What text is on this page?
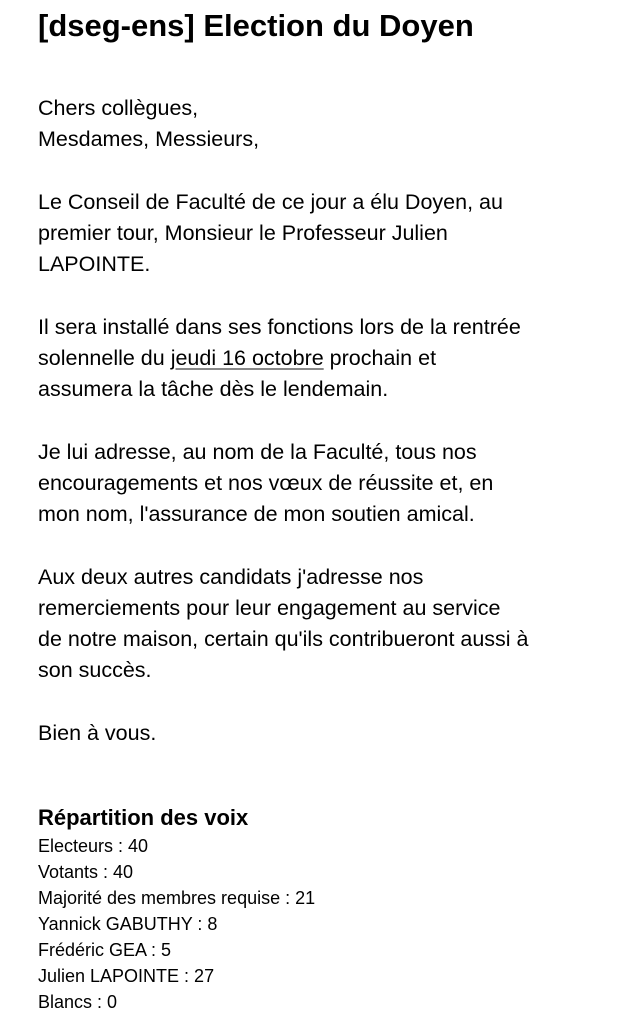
[dseg-ens] Election du Doyen

Chers collègues,
Mesdames, Messieurs,

Le Conseil de Faculté de ce jour a élu Doyen, au
premier tour, Monsieur le Professeur Julien
LAPOINTE.

Il sera installé dans ses fonctions lors de la rentrée
solennelle du jeudi 16 octobre prochain et
assumera la tâche dès le lendemain.

Je lui adresse, au nom de la Faculté, tous nos
encouragements et nos vœux de réussite et, en
mon nom, l'assurance de mon soutien amical.

Aux deux autres candidats j'adresse nos
remerciements pour leur engagement au service
de notre maison, certain qu'ils contribueront aussi à
son succès.

Bien à vous.

Répartition des voix
Electeurs : 40
Votants : 40
Majorité des membres requise : 21
Yannick GABUTHY : 8
Frédéric GEA : 5
Julien LAPOINTE : 27
Blancs : 0
